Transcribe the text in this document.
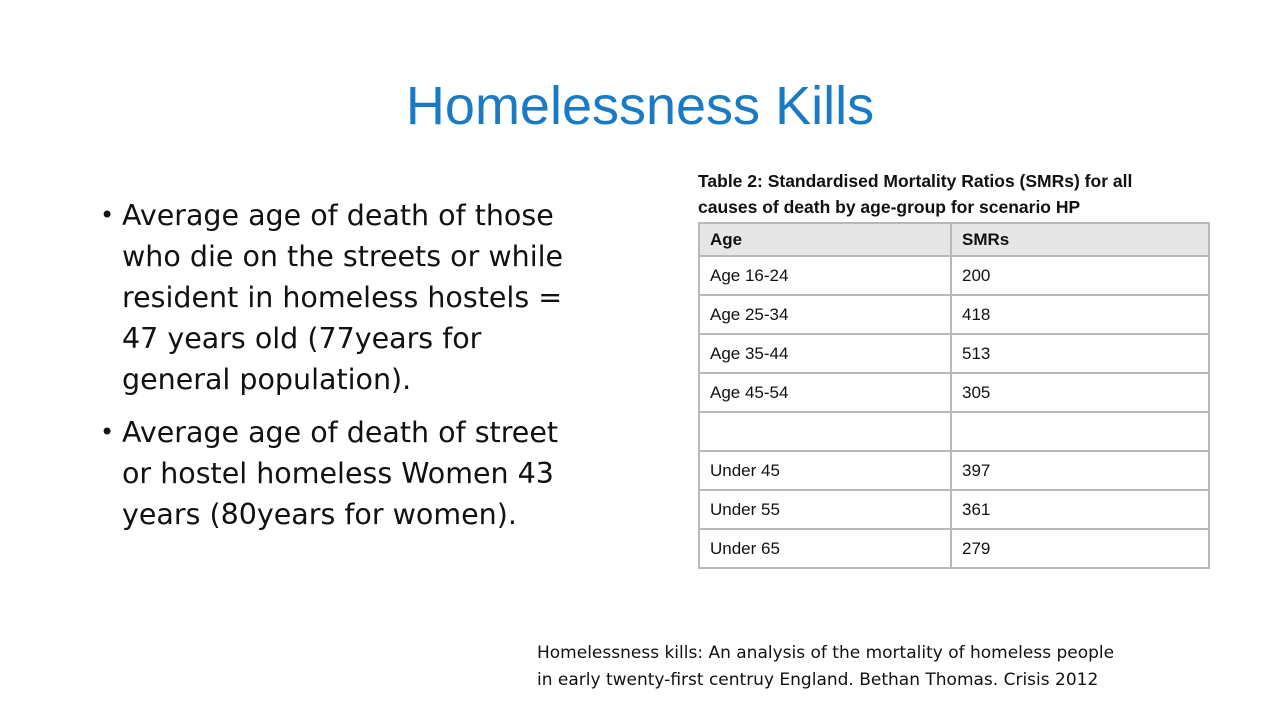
Homelessness Kills
• Average age of death of those who die on the streets or while resident in homeless hostels = 47 years old (77years for general population).
• Average age of death of street or hostel homeless Women 43 years (80years for women).
Table 2: Standardised Mortality Ratios (SMRs) for all
causes of death by age-group for scenario HP
Age	SMRs
Age 16-24	200
Age 25-34	418
Age 35-44	513
Age 45-54	305

Under 45	397
Under 55	361
Under 65	279
Homelessness kills: An analysis of the mortality of homeless people
in early twenty-first centruy England. Bethan Thomas. Crisis 2012
